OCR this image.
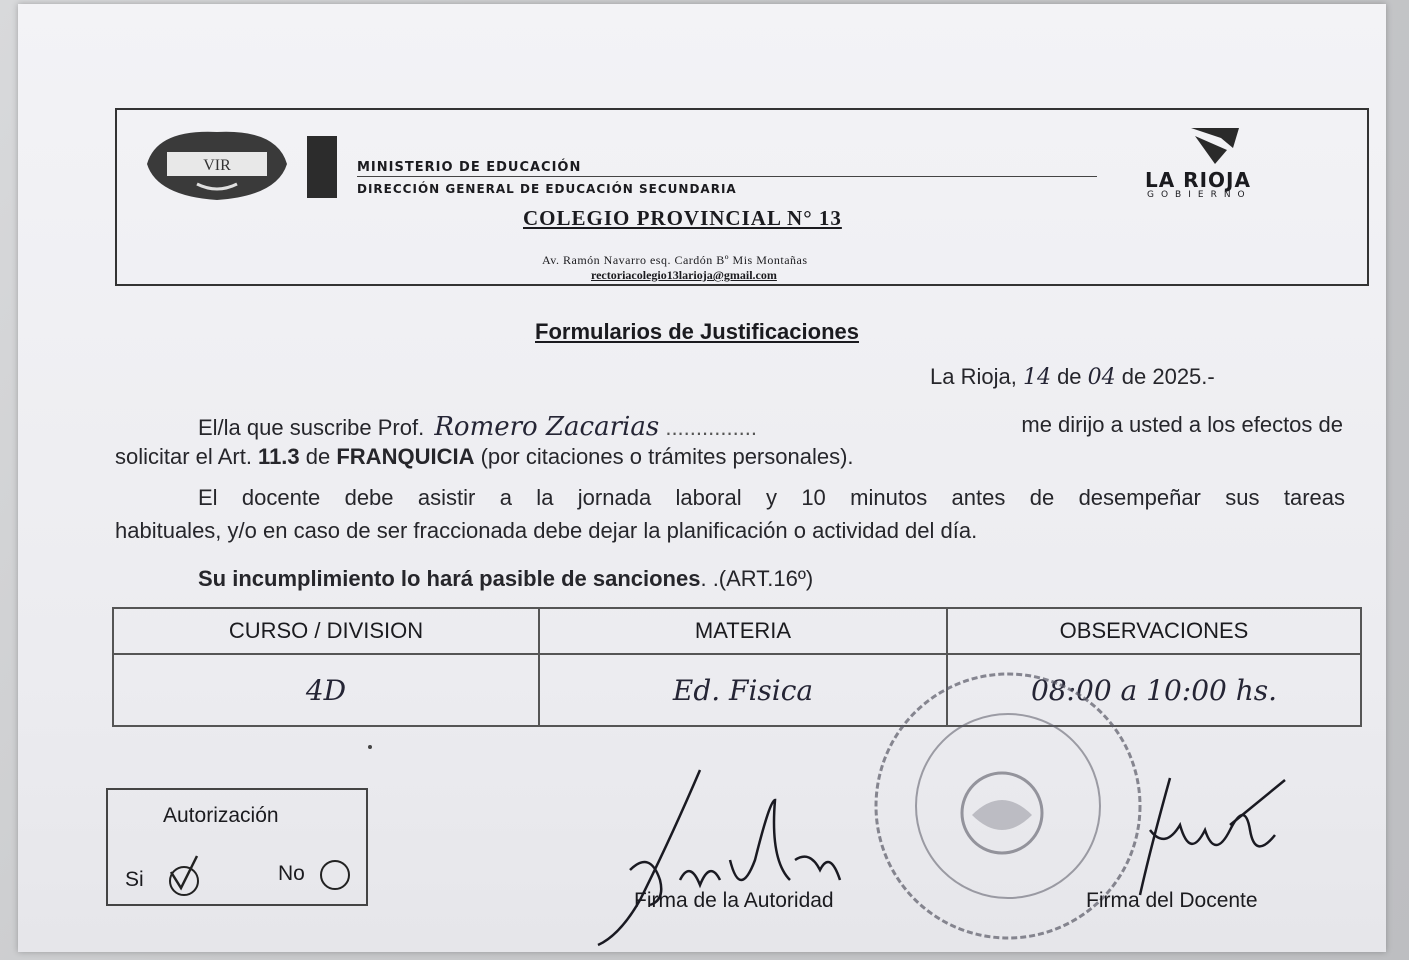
VIR	MINISTERIO DE EDUCACIÓN
DIRECCIÓN GENERAL DE EDUCACIÓN SECUNDARIA
COLEGIO PROVINCIAL N° 13
Av. Ramón Navarro esq. Cardón Bº Mis Montañas
rectoriacolegio13larioja@gmail.com
LA RIOJA
GOBIERNO
Formularios de Justificaciones
La Rioja, 14 de 04 de 2025.-
El/la que suscribe Prof. Romero Zacarias ...............	me dirijo a usted a los efectos de
solicitar el Art. 11.3 de FRANQUICIA (por citaciones o trámites personales).
El docente debe asistir a la jornada laboral y 10 minutos antes de desempeñar sus tareas
habituales, y/o en caso de ser fraccionada debe dejar la planificación o actividad del día.
Su incumplimiento lo hará pasible de sanciones. .(ART.16º)
CURSO / DIVISION	MATERIA	OBSERVACIONES
4D	Ed. Fisica	08:00 a 10:00 hs.
Autorización
Si	No
Firma de la Autoridad	Firma del Docente
